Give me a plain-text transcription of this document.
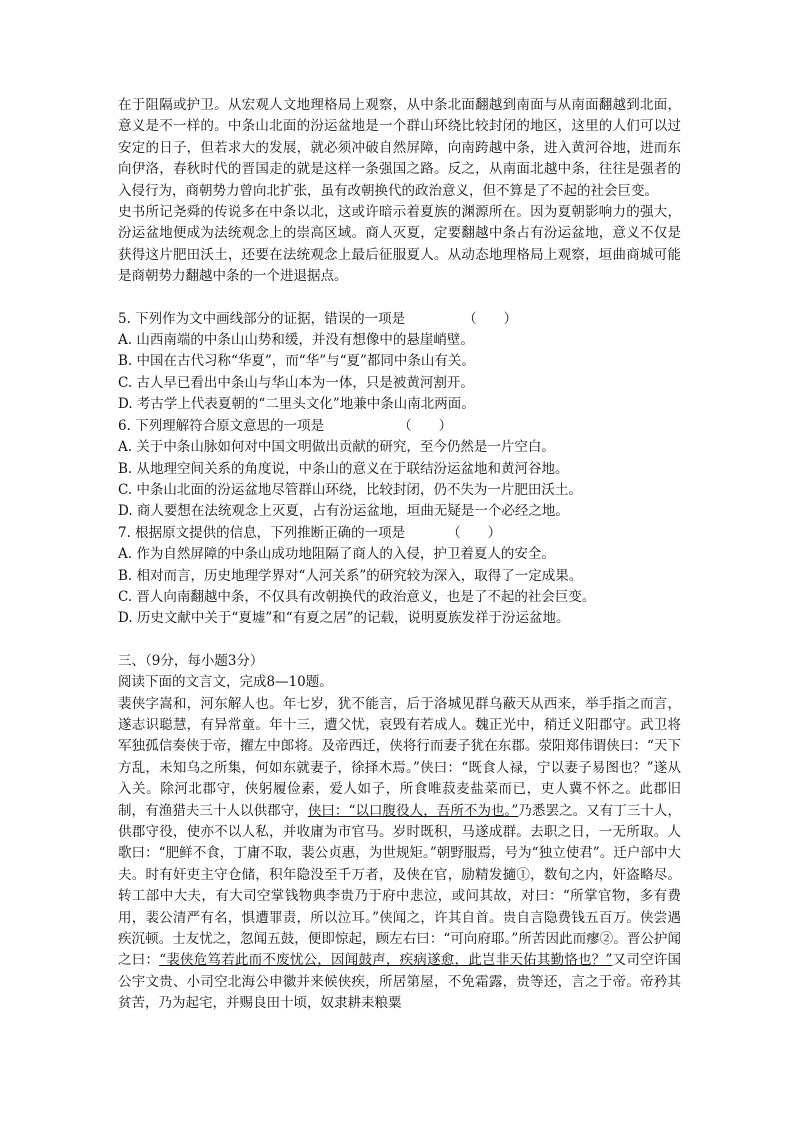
在于阻隔或护卫。从宏观人文地理格局上观察，从中条北面翻越到南面与从南面翻越到北面，意义是不一样的。中条山北面的汾运盆地是一个群山环绕比较封闭的地区，这里的人们可以过安定的日子，但若求大的发展，就必须冲破自然屏障，向南跨越中条，进入黄河谷地，进而东向伊洛，春秋时代的晋国走的就是这样一条强国之路。反之，从南面北越中条，往往是强者的入侵行为，商朝势力曾向北扩张，虽有改朝换代的政治意义，但不算是了不起的社会巨变。

史书所记尧舜的传说多在中条以北，这或许暗示着夏族的渊源所在。因为夏朝影响力的强大，汾运盆地便成为法统观念上的崇高区域。商人灭夏，定要翻越中条占有汾运盆地，意义不仅是获得这片肥田沃土，还要在法统观念上最后征服夏人。从动态地理格局上观察，垣曲商城可能是商朝势力翻越中条的一个进退据点。

5. 下列作为文中画线部分的证据，错误的一项是	（　　）

A. 山西南端的中条山山势和缓，并没有想像中的悬崖峭壁。

B. 中国在古代习称“华夏”，而“华”与“夏”都同中条山有关。

C. 古人早已看出中条山与华山本为一体，只是被黄河割开。

D. 考古学上代表夏朝的“二里头文化”地兼中条山南北两面。

6. 下列理解符合原文意思的一项是	（　　）

A. 关于中条山脉如何对中国文明做出贡献的研究，至今仍然是一片空白。

B. 从地理空间关系的角度说，中条山的意义在于联结汾运盆地和黄河谷地。

C. 中条山北面的汾运盆地尽管群山环绕，比较封闭，仍不失为一片肥田沃土。

D. 商人要想在法统观念上灭夏，占有汾运盆地，垣曲无疑是一个必经之地。

7. 根据原文提供的信息，下列推断正确的一项是	（　　）

A. 作为自然屏障的中条山成功地阻隔了商人的入侵，护卫着夏人的安全。

B. 相对而言，历史地理学界对“人河关系”的研究较为深入，取得了一定成果。

C. 晋人向南翻越中条，不仅具有改朝换代的政治意义，也是了不起的社会巨变。

D. 历史文献中关于“夏墟”和“有夏之居”的记载，说明夏族发祥于汾运盆地。

三、（9分，每小题3分）

阅读下面的文言文，完成8—10题。

裴侠字嵩和，河东解人也。年七岁，犹不能言，后于洛城见群乌蔽天从西来，举手指之而言，遂志识聪慧，有异常童。年十三，遭父忧，哀毁有若成人。魏正光中，稍迁义阳郡守。武卫将军独孤信奏侠于帝，擢左中郎将。及帝西迁，侠将行而妻子犹在东郡。荥阳郑伟谓侠曰：“天下方乱，未知乌之所集，何如东就妻子，徐择木焉。”侠曰：“既食人禄，宁以妻子易图也？”遂从入关。除河北郡守，侠躬履俭素，爱人如子，所食唯菽麦盐菜而已，吏人冀不怀之。此郡旧制，有渔猎夫三十人以供郡守，侠曰：“以口腹役人，吾所不为也。”乃悉罢之。又有丁三十人，供郡守役，使亦不以人私，并收庸为市官马。岁时既积，马遂成群。去职之日，一无所取。人歌曰：“肥鲜不食，丁庸不取，裴公贞惠，为世规矩。”朝野服焉，号为“独立使君”。迁户部中大夫。时有奸吏主守仓储，积年隐没至千万者，及侠在官，励精发擿①，数旬之内，奸盗略尽。转工部中大夫，有大司空掌钱物典李贵乃于府中悲泣，或问其故，对曰：“所掌官物，多有费用，裴公清严有名，惧遭罪责，所以泣耳。”侠闻之，许其自首。贵自言隐费钱五百万。侠尝遇疾沉顿。士友忧之，忽闻五鼓，便即惊起，顾左右曰：“可向府耶。”所苦因此而瘳②。晋公护闻之曰：“裴侠危笃若此而不废忧公，因闻鼓声，疾病遂愈，此岂非天佑其勤恪也？”又司空许国公宇文贵、小司空北海公申徽并来候侠疾，所居第屋，不免霜露，贵等还，言之于帝。帝矜其贫苦，乃为起宅，并赐良田十顷，奴隶耕耒粮粟
